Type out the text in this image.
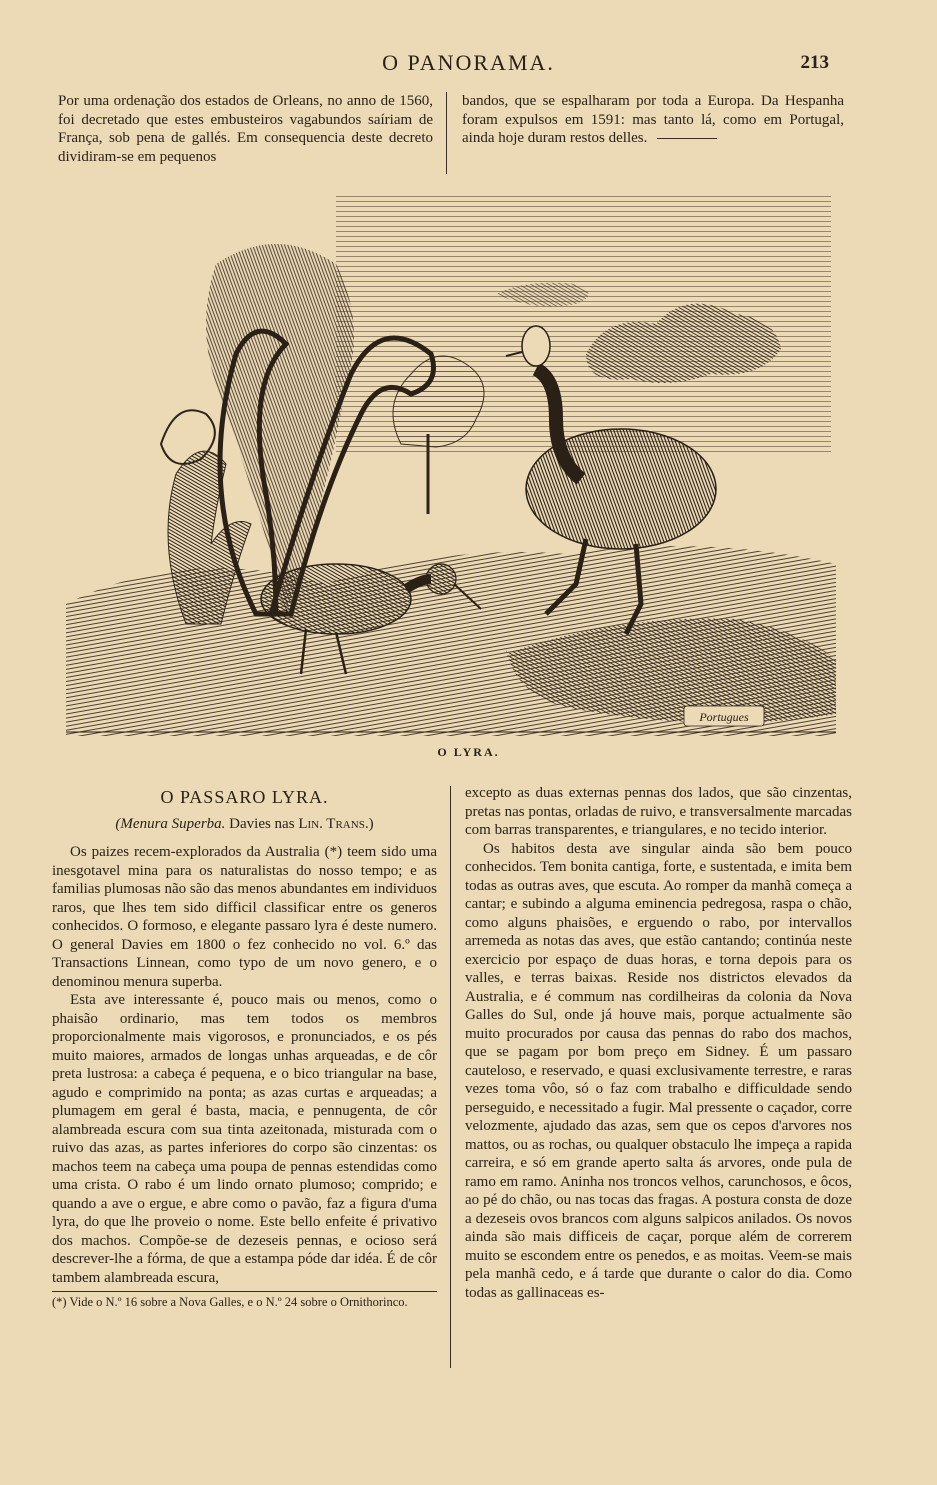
O PANORAMA.	213

Por uma ordenação dos estados de Orleans, no anno de 1560, foi decretado que estes embusteiros vagabundos saíriam de França, sob pena de gallés. Em consequencia deste decreto dividiram-se em pequenos

bandos, que se espalharam por toda a Europa. Da Hespanha foram expulsos em 1591: mas tanto lá, como em Portugal, ainda hoje duram restos delles.

Portugues
O LYRA.
O PASSARO LYRA.
(Menura Superba. Davies nas Lin. Trans.)

Os paizes recem-explorados da Australia (*) teem sido uma inesgotavel mina para os naturalistas do nosso tempo; e as familias plumosas não são das menos abundantes em individuos raros, que lhes tem sido difficil classificar entre os generos conhecidos. O formoso, e elegante passaro lyra é deste numero. O general Davies em 1800 o fez conhecido no vol. 6.º das Transactions Linnean, como typo de um novo genero, e o denominou menura superba.

Esta ave interessante é, pouco mais ou menos, como o phaisão ordinario, mas tem todos os membros proporcionalmente mais vigorosos, e pronunciados, e os pés muito maiores, armados de longas unhas arqueadas, e de côr preta lustrosa: a cabeça é pequena, e o bico triangular na base, agudo e comprimido na ponta; as azas curtas e arqueadas; a plumagem em geral é basta, macia, e pennugenta, de côr alambreada escura com sua tinta azeitonada, misturada com o ruivo das azas, as partes inferiores do corpo são cinzentas: os machos teem na cabeça uma poupa de pennas estendidas como uma crista. O rabo é um lindo ornato plumoso; comprido; e quando a ave o ergue, e abre como o pavão, faz a figura d'uma lyra, do que lhe proveio o nome. Este bello enfeite é privativo dos machos. Compõe-se de dezeseis pennas, e ocioso será descrever-lhe a fórma, de que a estampa póde dar idéa. É de côr tambem alambreada escura,

(*) Vide o N.º 16 sobre a Nova Galles, e o N.º 24 sobre o Ornithorinco.

excepto as duas externas pennas dos lados, que são cinzentas, pretas nas pontas, orladas de ruivo, e transversalmente marcadas com barras transparentes, e triangulares, e no tecido interior.

Os habitos desta ave singular ainda são bem pouco conhecidos. Tem bonita cantiga, forte, e sustentada, e imita bem todas as outras aves, que escuta. Ao romper da manhã começa a cantar; e subindo a alguma eminencia pedregosa, raspa o chão, como alguns phaisões, e erguendo o rabo, por intervallos arremeda as notas das aves, que estão cantando; continúa neste exercicio por espaço de duas horas, e torna depois para os valles, e terras baixas. Reside nos districtos elevados da Australia, e é commum nas cordilheiras da colonia da Nova Galles do Sul, onde já houve mais, porque actualmente são muito procurados por causa das pennas do rabo dos machos, que se pagam por bom preço em Sidney. É um passaro cauteloso, e reservado, e quasi exclusivamente terrestre, e raras vezes toma vôo, só o faz com trabalho e difficuldade sendo perseguido, e necessitado a fugir. Mal pressente o caçador, corre velozmente, ajudado das azas, sem que os cepos d'arvores nos mattos, ou as rochas, ou qualquer obstaculo lhe impeça a rapida carreira, e só em grande aperto salta ás arvores, onde pula de ramo em ramo. Aninha nos troncos velhos, carunchosos, e ôcos, ao pé do chão, ou nas tocas das fragas. A postura consta de doze a dezeseis ovos brancos com alguns salpicos anilados. Os novos ainda são mais difficeis de caçar, porque além de correrem muito se escondem entre os penedos, e as moitas. Veem-se mais pela manhã cedo, e á tarde que durante o calor do dia. Como todas as gallinaceas es-
